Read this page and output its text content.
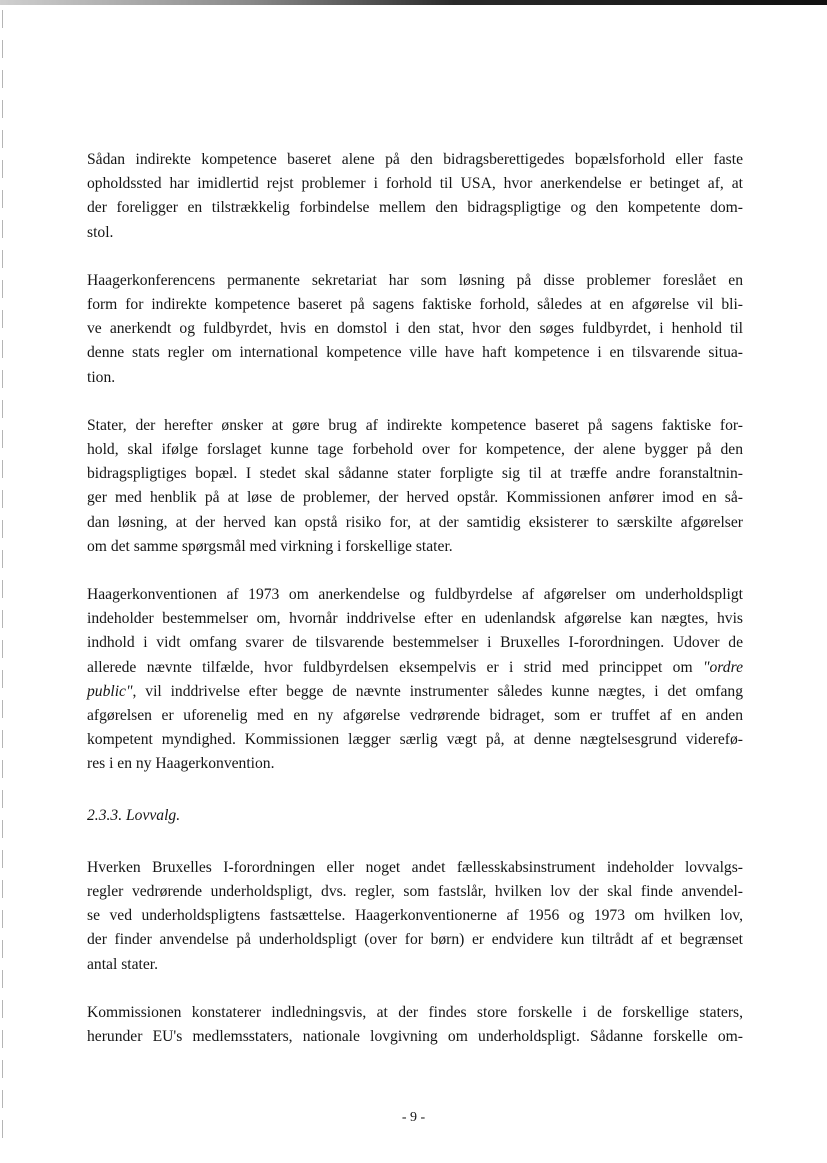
Sådan indirekte kompetence baseret alene på den bidragsberettigedes bopælsforhold eller faste
opholdssted har imidlertid rejst problemer i forhold til USA, hvor anerkendelse er betinget af, at
der foreligger en tilstrækkelig forbindelse mellem den bidragspligtige og den kompetente dom-
stol.
Haagerkonferencens permanente sekretariat har som løsning på disse problemer foreslået en
form for indirekte kompetence baseret på sagens faktiske forhold, således at en afgørelse vil bli-
ve anerkendt og fuldbyrdet, hvis en domstol i den stat, hvor den søges fuldbyrdet, i henhold til
denne stats regler om international kompetence ville have haft kompetence i en tilsvarende situa-
tion.
Stater, der herefter ønsker at gøre brug af indirekte kompetence baseret på sagens faktiske for-
hold, skal ifølge forslaget kunne tage forbehold over for kompetence, der alene bygger på den
bidragspligtiges bopæl. I stedet skal sådanne stater forpligte sig til at træffe andre foranstaltnin-
ger med henblik på at løse de problemer, der herved opstår. Kommissionen anfører imod en så-
dan løsning, at der herved kan opstå risiko for, at der samtidig eksisterer to særskilte afgørelser
om det samme spørgsmål med virkning i forskellige stater.
Haagerkonventionen af 1973 om anerkendelse og fuldbyrdelse af afgørelser om underholdspligt
indeholder bestemmelser om, hvornår inddrivelse efter en udenlandsk afgørelse kan nægtes, hvis
indhold i vidt omfang svarer de tilsvarende bestemmelser i Bruxelles I-forordningen. Udover de
allerede nævnte tilfælde, hvor fuldbyrdelsen eksempelvis er i strid med princippet om "ordre
public", vil inddrivelse efter begge de nævnte instrumenter således kunne nægtes, i det omfang
afgørelsen er uforenelig med en ny afgørelse vedrørende bidraget, som er truffet af en anden
kompetent myndighed. Kommissionen lægger særlig vægt på, at denne nægtelsesgrund viderefø-
res i en ny Haagerkonvention.
2.3.3. Lovvalg.
Hverken Bruxelles I-forordningen eller noget andet fællesskabsinstrument indeholder lovvalgs-
regler vedrørende underholdspligt, dvs. regler, som fastslår, hvilken lov der skal finde anvendel-
se ved underholdspligtens fastsættelse. Haagerkonventionerne af 1956 og 1973 om hvilken lov,
der finder anvendelse på underholdspligt (over for børn) er endvidere kun tiltrådt af et begrænset
antal stater.
Kommissionen konstaterer indledningsvis, at der findes store forskelle i de forskellige staters,
herunder EU's medlemsstaters, nationale lovgivning om underholdspligt. Sådanne forskelle om-
- 9 -
